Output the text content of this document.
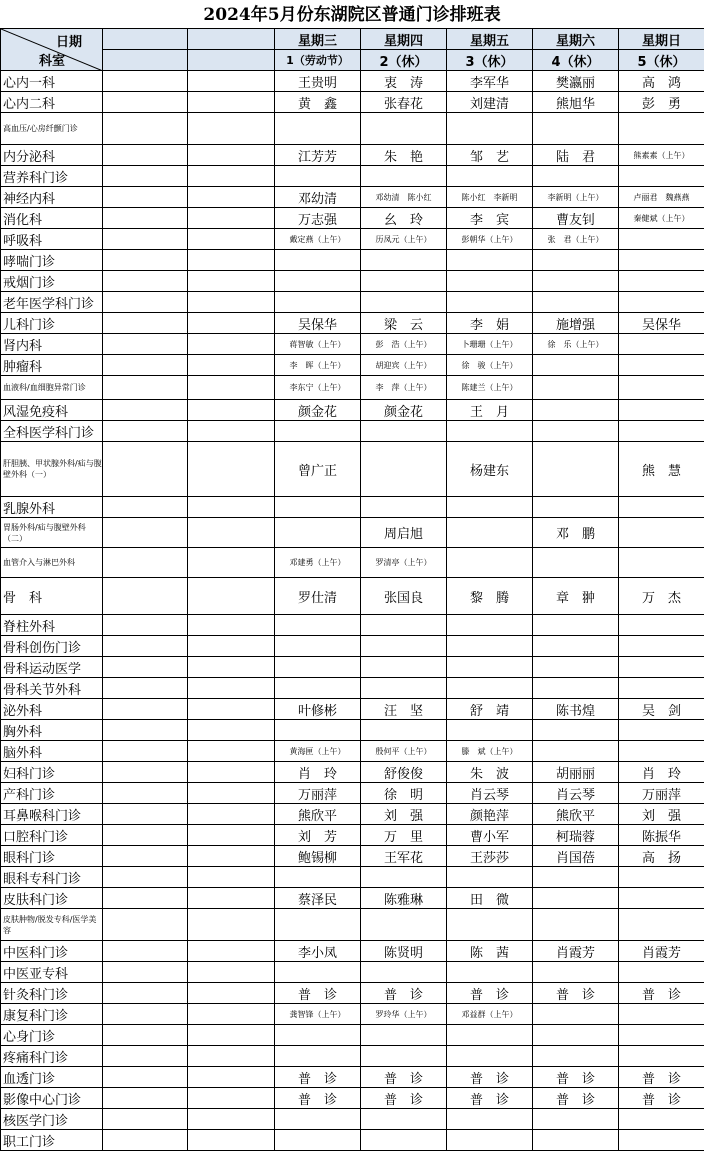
2024年5月份东湖院区普通门诊排班表
日期
科室			星期三	星期四	星期五	星期六	星期日
			1（劳动节）	2（休）	3（休）	4（休）	5（休）
心内一科			王贵明	衷　涛	李军华	樊瀛丽	高　鸿
心内二科			黄　鑫	张春花	刘建清	熊旭华	彭　勇
高血压/心房纤颤门诊							
内分泌科			江芳芳	朱　艳	邹　艺	陆　君	熊素素（上午）
营养科门诊							
神经内科			邓幼清	邓幼清　陈小红	陈小红　李新明	李新明（上午）	卢丽君　魏燕燕
消化科			万志强	幺　玲	李　宾	曹友钊	秦健斌（上午）
呼吸科			戴定燕（上午）	历凤元（上午）	彭朝华（上午）	张　君（上午）	
哮喘门诊							
戒烟门诊							
老年医学科门诊							
儿科门诊			吴保华	梁　云	李　娟	施增强	吴保华
肾内科			蒋智敏（上午）	彭　浩（上午）	卜珊珊（上午）	徐　乐（上午）	
肿瘤科			李　晖（上午）	胡迎宾（上午）	徐　骏（上午）		
血液科/血细胞异常门诊			李东宁（上午）	李　萍（上午）	陈建兰（上午）		
风湿免疫科			颜金花	颜金花	王　月		
全科医学科门诊							
肝胆胰、甲状腺外科/疝与腹壁外科（一）			曾广正		杨建东		熊　慧
乳腺外科							
胃肠外科/疝与腹壁外科（二）				周启旭		邓　鹏	
血管介入与淋巴外科			邓建勇（上午）	罗清亭（上午）			
骨　科			罗仕清	张国良	黎　腾	章　翀	万　杰
脊柱外科							
骨科创伤门诊							
骨科运动医学							
骨科关节外科							
泌外科			叶修彬	汪　坚	舒　靖	陈书煌	吴　剑
胸外科							
脑外科			黄海匣（上午）	殷何平（上午）	滕　斌（上午）		
妇科门诊			肖　玲	舒俊俊	朱　波	胡丽丽	肖　玲
产科门诊			万丽萍	徐　明	肖云琴	肖云琴	万丽萍
耳鼻喉科门诊			熊欣平	刘　强	颜艳萍	熊欣平	刘　强
口腔科门诊			刘　芳	万　里	曹小军	柯瑞蓉	陈振华
眼科门诊			鲍锡柳	王军花	王莎莎	肖国蓓	高　扬
眼科专科门诊							
皮肤科门诊			蔡泽民	陈雅琳	田　微		
皮肤肿物/脱发专科/医学美容							
中医科门诊			李小凤	陈贤明	陈　茜	肖霞芳	肖霞芳
中医亚专科							
针灸科门诊			普　诊	普　诊	普　诊	普　诊	普　诊
康复科门诊			龚智锋（上午）	罗玲华（上午）	邓益群（上午）		
心身门诊							
疼痛科门诊							
血透门诊			普　诊	普　诊	普　诊	普　诊	普　诊
影像中心门诊			普　诊	普　诊	普　诊	普　诊	普　诊
核医学门诊							
职工门诊							
